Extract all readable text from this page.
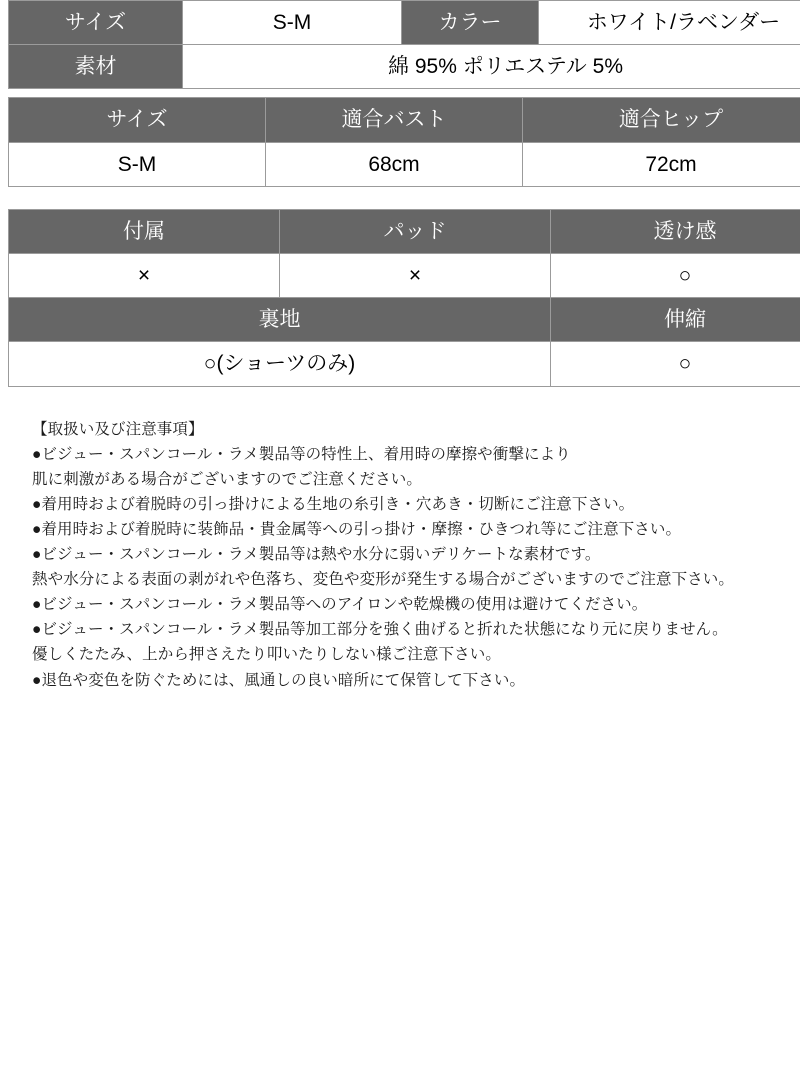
サイズ	S-M	カラー	ホワイト/ラベンダー
素材	綿 95% ポリエステル 5%		
サイズ	適合バスト	適合ヒップ
S-M	68cm	72cm
付属	パッド	透け感
×	×	○
裏地		伸縮
○(ショーツのみ)		○
【取扱い及び注意事項】
●ビジュー・スパンコール・ラメ製品等の特性上、着用時の摩擦や衝撃により
肌に刺激がある場合がございますのでご注意ください。
●着用時および着脱時の引っ掛けによる生地の糸引き・穴あき・切断にご注意下さい。
●着用時および着脱時に装飾品・貴金属等への引っ掛け・摩擦・ひきつれ等にご注意下さい。
●ビジュー・スパンコール・ラメ製品等は熱や水分に弱いデリケートな素材です。
熱や水分による表面の剥がれや色落ち、変色や変形が発生する場合がございますのでご注意下さい。
●ビジュー・スパンコール・ラメ製品等へのアイロンや乾燥機の使用は避けてください。
●ビジュー・スパンコール・ラメ製品等加工部分を強く曲げると折れた状態になり元に戻りません。
優しくたたみ、上から押さえたり叩いたりしない様ご注意下さい。
●退色や変色を防ぐためには、風通しの良い暗所にて保管して下さい。
